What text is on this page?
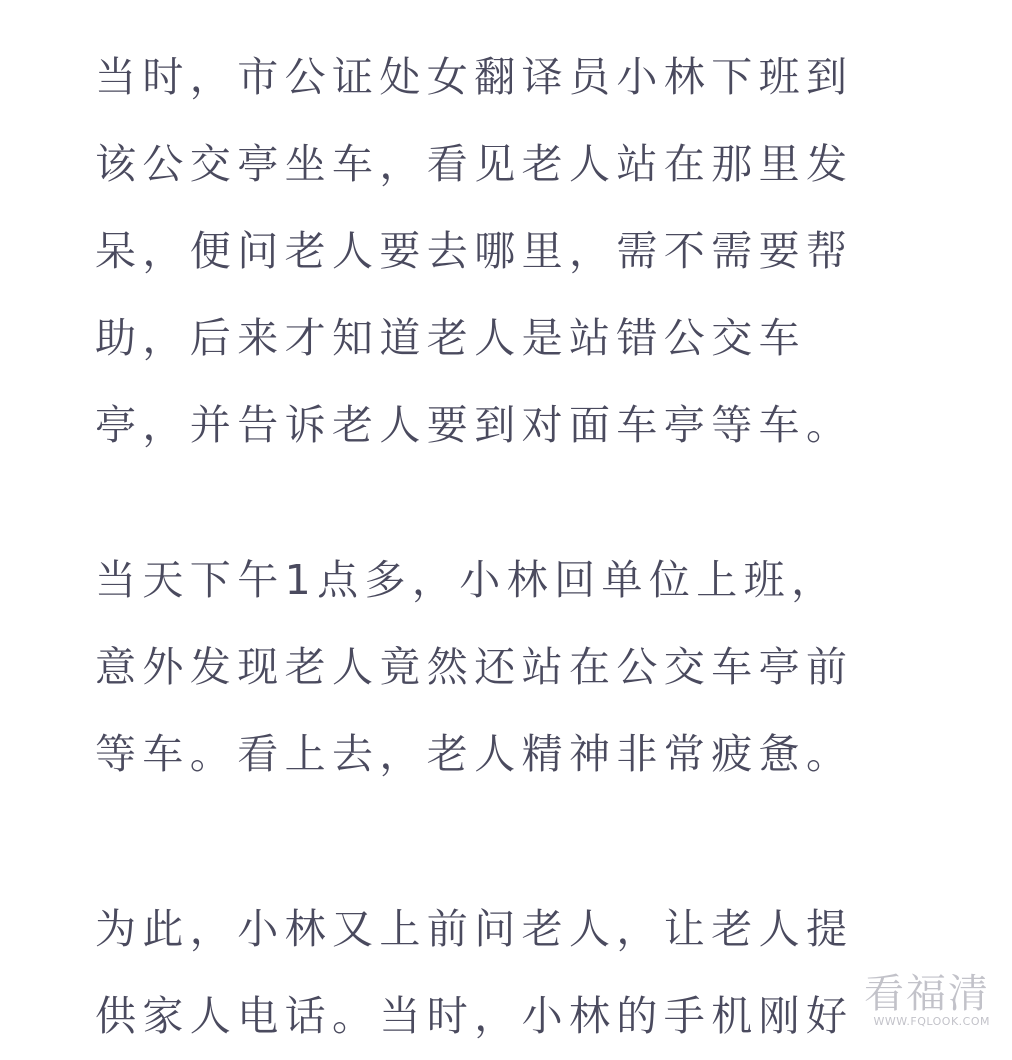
当时，市公证处女翻译员小林下班到
该公交亭坐车，看见老人站在那里发
呆，便问老人要去哪里，需不需要帮
助，后来才知道老人是站错公交车
亭，并告诉老人要到对面车亭等车。
当天下午1点多，小林回单位上班，
意外发现老人竟然还站在公交车亭前
等车。看上去，老人精神非常疲惫。
为此，小林又上前问老人，让老人提
供家人电话。当时，小林的手机刚好 看福清
WWW.FQLOOK.COM
